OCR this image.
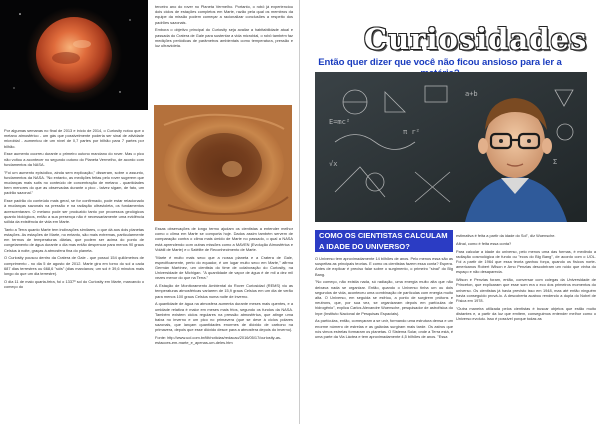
Por algumas semanas no final de 2013 e início de 2014, o Curiosity notou que o metano atmosférico - um gás que possivelmente poderia ser sinal de atividade microbial - aumentou de um nível de 0,7 partes por bilhão para 7 partes por bilhão.

Esse aumento ocorreu durante o primeiro outono marciano do rover. Mas o pico não voltou a acontecer no segundo outono do Planeta Vermelho, de acordo com fundamentos da NASA.

"Foi um aumento episódico, ainda sem explicação," disseram, sobre o assunto, fundamentos da NASA. "No entanto, as medições feitas pelo rover sugerem que mudanças mais sutis no conteúdo de concentração de metano - quantidades bem menores do que as observadas durante o pico - talvez sigam, de fato, um padrão sazonal."

Esse padrão do conteúdo mais geral, se for confirmado, pode estar relacionado à mudanças sazonais na pressão e na radiação ultravioleta, os fundamentos acrescentaram. O metano pode ser produzido tanto por processos geológicos quanto biológicos, então a sua presença não é necessariamente uma evidência sólida da existência de vida em Marte.

Tanto a Terra quanto Marte tem inclinações similares, o que dá aos dois planetas estações. As estações de Marte, no entanto, são mais extremas, particularmente em termos de temperaturas diárias, que podem ser acima do ponto de congelamento de água durante o dia mas então despencar para menos 90 graus Celsius à noite, graças à atmosfera fina do planeta.

O Curiosity pousou dentro da Cratera de Gale - que possui 154 quilômetros de comprimento - no dia 5 de agosto de 2012. Marte gira em torno do sol a cada 687 dias terrestres ou 668,6 "sóis" (dias marcianos; um sol é 39,6 minutos mais longo do que um dia terrestre).

O dia 11 de maio quarta-feira, foi o 1337º sol do Curiosity em Marte, marcando o começo do

terceiro ano do rover no Planeta Vermelho. Portanto, o robô já experienciou dois ciclos de estações completos em Marte, razão pela qual os membros da equipe da missão podem começar a racionalizar conclusões a respeito dos padrões sazonais.

Embora o objetivo principal do Curiosity seja avaliar a habitabilidade atual e passada do Cratera de Gale para sustentar a vida microbial, o robô também faz medições periódicas de parâmetros ambientais como temperatura, pressão e luz ultravioleta.

Essas observações de longo termo ajudam os cientistas a entender melhor como o clima em Marte se comporta hoje. Dados assim também servem de comparação contra o clima mais úmido de Marte no passado, o qual a NASA está aprendendo com outras missões como a MAVEN (Evolução Atmosférica e Volátil de Marte) e o Satélite de Reconhecimento de Marte.

"Marte é muito mais seco que a nossa planeta e a Cratera de Gale, especificamente, perto do equador, é um lugar muito seco em Marte," afirma Germán Martínez, um cientista do time de colaboração do Curiosity, na Universidade de Michigan. "A quantidade de vapor de água é de mil a dez mil vezes menor do que na Terra."

A Estação de Monitoramento Ambiental do Rover Curiosidad (REMS) viu as temperaturas atmosféricas variarem de 15,9 graus Celsius em um dia de verão para menos 100 graus Celsius numa noite de inverno.

A quantidade de água na atmosfera aumenta durante meses mais quentes, e a umidade relativa é maior em meses mais frios, segundo os fundos da NASA. Também existem ciclos regulares na pressão atmosférica, que atinge uma baixa no inverno e um pico no primavera (que se deve à ciclos polares sazonais, que lançam quantidades enormes de dióxido de carbono na primavera, depois que esse dióxido desce para a atmosfera depois do inverno).

Fonte: http://www.uol.com.br/tilt/noticias/redacao/2016/05/17/curiosity-as-estacoes-em-marte_e_apenas-um-deles.htm

Curiosidades

Então quer dizer que você não ficou ansioso para ler a

E=mc²
π r²
√x
a+b
Σ
COMO OS CIENTISTAS CALCULAM A IDADE DO UNIVERSO?

O Universo tem aproximadamente 14 bilhões de anos. Pelo menos essa são as suspeitas as principais teorias. E como os cientistas fazem essa conta? Espera. Antes de explicar é preciso falar sobre o surgimento, o primeiro "sinal" do Big Bang.

"No começo, não existia nada, só radiação, uma energia muito alta que não deixava nada se organizar. Então, quando o Universo tinha um ou dois segundos de vida, aconteceu uma combinação de partículas com energia muito alta. O Universo, em seguida se esfriou, a ponto de surgirem prótons e neutrons, que, por sua vez, se organizaram depois em partículas de hidrogênio", explica Carlos Alexandre Wuensche, pesquisador de astrofísica do Inpe (Instituto Nacional de Pesquisas Espaciais).

As partículas, então, começaram a se unir, formando uma estrutura densa e um enorme número de estrelas e as galáxias surgiram mais tarde. Os astros que nós vimos estrelas formaram os planetas. O Sistema Solar, onde a Terra está, é uma parte da Via Láctea e tem aproximadamente 4,5 bilhões de anos. "Essa

estimativa é feita a partir da idade do Sol", diz Wuensche.

Afinal, como é feita essa conta?

Para calcular a idade do universo, pelo menos uma das formas, é medindo a radiação cosmológica de fundo ou "ecos do Big Bang", de acordo com o UOL. Foi a partir de 1964 que essa teoria ganhou força, quando os físicos norte-americanos Robert Wilson e Arno Penzias descobriram um ruído que vinha do espaço e não desaparecia.

Wilson e Penzias foram, então, conversar com colegas da Universidade de Princeton, que explicaram que esse som era o eco dos primeiros momentos do universo. Os cientistas já havia previsto isso em 1948, mas até então ninguém havia conseguido prová-lo. A descoberta acabou rendendo a dupla do Nobel de Física em 1978.

"Outra maneira utilizada pelos cientistas é buscar objetos que estão muito distantes e, a partir da luz que emitem, conseguimos entender melhor como o Universo evoluiu. Isso é possível porque todas as
